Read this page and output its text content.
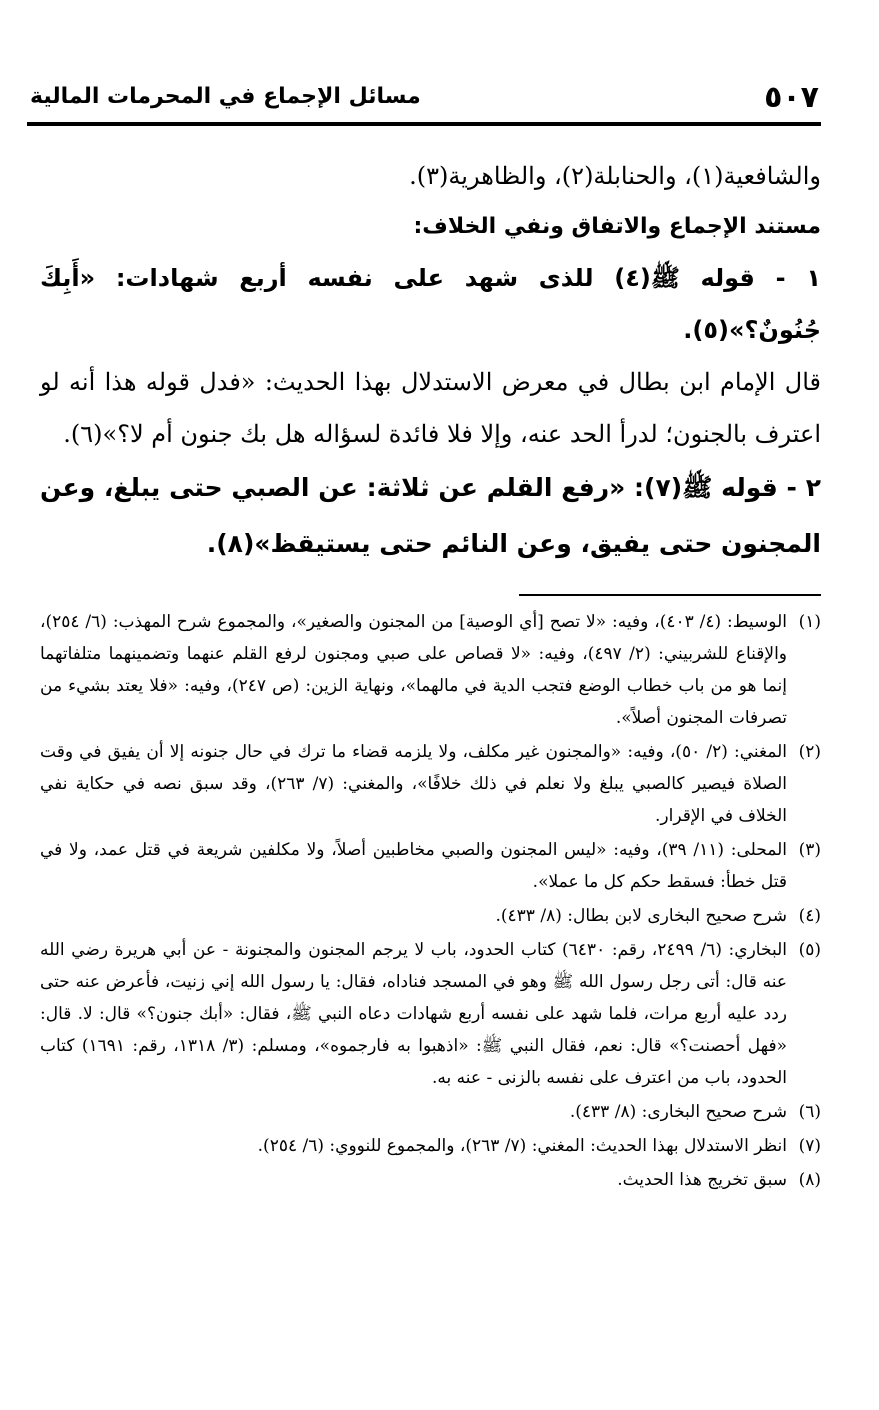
٥٠٧
مسائل الإجماع في المحرمات المالية

والشافعية(١)، والحنابلة(٢)، والظاهرية(٣).

مستند الإجماع والاتفاق ونفي الخلاف:

١ - قوله ﷺ(٤) للذى شهد على نفسه أربع شهادات: «أَبِكَ جُنُونٌ؟»(٥).

قال الإمام ابن بطال في معرض الاستدلال بهذا الحديث: «فدل قوله هذا أنه لو اعترف بالجنون؛ لدرأ الحد عنه، وإلا فلا فائدة لسؤاله هل بك جنون أم لا؟»(٦).

٢ - قوله ﷺ(٧): «رفع القلم عن ثلاثة: عن الصبي حتى يبلغ، وعن المجنون حتى يفيق، وعن النائم حتى يستيقظ»(٨).

(١)
الوسيط: (٤/ ٤٠٣)، وفيه: «لا تصح [أي الوصية] من المجنون والصغير»، والمجموع شرح المهذب: (٦/ ٢٥٤)، والإقناع للشربيني: (٢/ ٤٩٧)، وفيه: «لا قصاص على صبي ومجنون لرفع القلم عنهما وتضمينهما متلفاتهما إنما هو من باب خطاب الوضع فتجب الدية في مالهما»، ونهاية الزين: (ص ٢٤٧)، وفيه: «فلا يعتد بشيء من تصرفات المجنون أصلاً».
(٢)
المغني: (٢/ ٥٠)، وفيه: «والمجنون غير مكلف، ولا يلزمه قضاء ما ترك في حال جنونه إلا أن يفيق في وقت الصلاة فيصير كالصبي يبلغ ولا نعلم في ذلك خلافًا»، والمغني: (٧/ ٢٦٣)، وقد سبق نصه في حكاية نفي الخلاف في الإقرار.
(٣)
المحلى: (١١/ ٣٩)، وفيه: «ليس المجنون والصبي مخاطبين أصلاً، ولا مكلفين شريعة في قتل عمد، ولا في قتل خطأ: فسقط حكم كل ما عملا».
(٤)
شرح صحيح البخارى لابن بطال: (٨/ ٤٣٣).
(٥)
البخاري: (٦/ ٢٤٩٩، رقم: ٦٤٣٠) كتاب الحدود، باب لا يرجم المجنون والمجنونة - عن أبي هريرة رضي الله عنه قال: أتى رجل رسول الله ﷺ وهو في المسجد فناداه، فقال: يا رسول الله إني زنيت، فأعرض عنه حتى ردد عليه أربع مرات، فلما شهد على نفسه أربع شهادات دعاه النبي ﷺ، فقال: «أبك جنون؟» قال: لا. قال: «فهل أحصنت؟» قال: نعم، فقال النبي ﷺ: «اذهبوا به فارجموه»، ومسلم: (٣/ ١٣١٨، رقم: ١٦٩١) كتاب الحدود، باب من اعترف على نفسه بالزنى - عنه به.
(٦)
شرح صحيح البخارى: (٨/ ٤٣٣).
(٧)
انظر الاستدلال بهذا الحديث: المغني: (٧/ ٢٦٣)، والمجموع للنووي: (٦/ ٢٥٤).
(٨)
سبق تخريج هذا الحديث.
